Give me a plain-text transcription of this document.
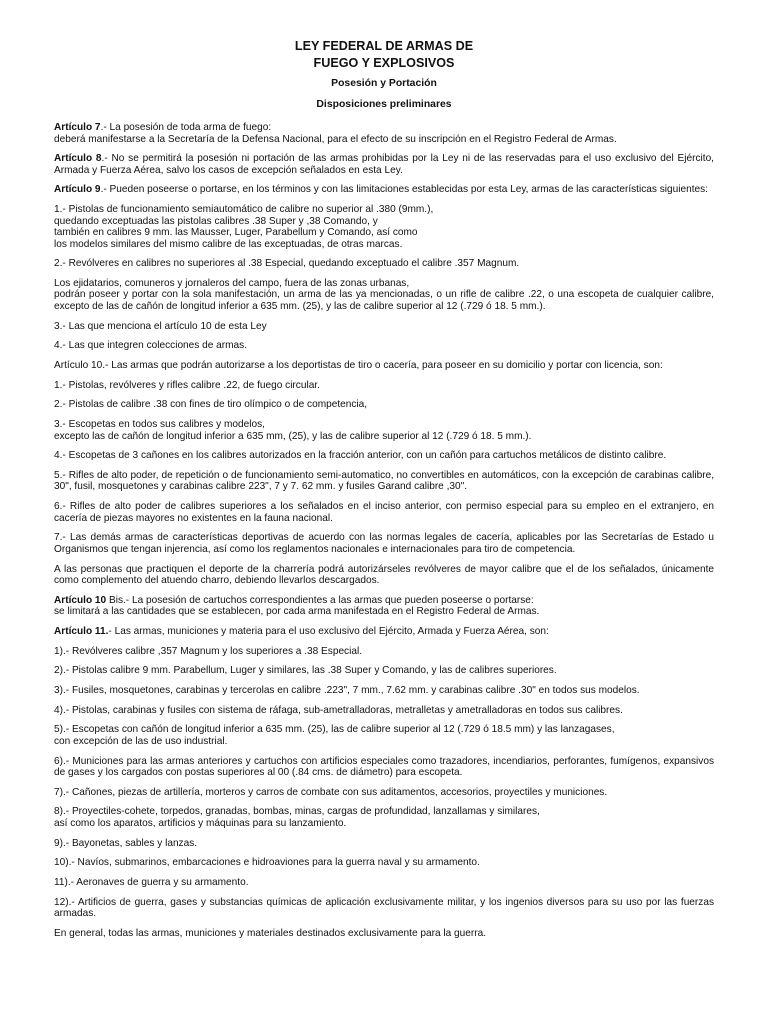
LEY FEDERAL DE ARMAS DE
FUEGO Y EXPLOSIVOS
Posesión y Portación
Disposiciones preliminares
Artículo 7.- La posesión de toda arma de fuego:
deberá manifestarse a la Secretaría de la Defensa Nacional, para el efecto de su inscripción en el Registro Federal de Armas.
Artículo 8.- No se permitirá la posesión ni portación de las armas prohibidas por la Ley ni de las reservadas para el uso exclusivo del Ejército, Armada y Fuerza Aérea, salvo los casos de excepción señalados en esta Ley.
Artículo 9.- Pueden poseerse o portarse, en los términos y con las limitaciones establecidas por esta Ley, armas de las características siguientes:
1.- Pistolas de funcionamiento semiautomático de calibre no superior al .380 (9mm.),
quedando exceptuadas las pistolas calibres .38 Super y ,38 Comando, y
también en calibres 9 mm. las Mausser, Luger, Parabellum y Comando, así como
los modelos similares del mismo calibre de las exceptuadas, de otras marcas.
2.- Revólveres en calibres no superiores al .38 Especial, quedando exceptuado el calibre .357 Magnum.
Los ejidatarios, comuneros y jornaleros del campo, fuera de las zonas urbanas,
podrán poseer y portar con la sola manifestación, un arma de las ya mencionadas, o un rifle de calibre .22, o una escopeta de cualquier calibre, excepto de las de cañón de longitud inferior a 635 mm. (25), y las de calibre superior al 12 (.729 ó 18. 5 mm.).
3.- Las que menciona el artículo 10 de esta Ley
4.- Las que integren colecciones de armas.
Artículo 10.- Las armas que podrán autorizarse a los deportistas de tiro o cacería, para poseer en su domicilio y portar con licencia, son:
1.- Pistolas, revólveres y rifles calibre .22, de fuego circular.
2.- Pistolas de calibre .38 con fines de tiro olímpico o de competencia,
3.- Escopetas en todos sus calibres y modelos,
excepto las de cañón de longitud inferior a 635 mm, (25), y las de calibre superior al 12 (.729 ó 18. 5 mm.).
4.- Escopetas de 3 cañones en los calibres autorizados en la fracción anterior, con un cañón para cartuchos metálicos de distinto calibre.
5.- Rifles de alto poder, de repetición o de funcionamiento semi-automatico, no convertibles en automáticos, con la excepción de carabinas calibre, 30", fusil, mosquetones y carabinas calibre 223", 7 y 7. 62 mm. y fusiles Garand calibre ,30".
6.- Rifles de alto poder de calibres superiores a los señalados en el inciso anterior, con permiso especial para su empleo en el extranjero, en cacería de piezas mayores no existentes en la fauna nacional.
7.- Las demás armas de características deportivas de acuerdo con las normas legales de cacería, aplicables por las Secretarías de Estado u Organismos que tengan injerencia, así como los reglamentos nacionales e internacionales para tiro de competencia.
A las personas que practiquen el deporte de la charrería podrá autorizárseles revólveres de mayor calibre que el de los señalados, únicamente como complemento del atuendo charro, debiendo llevarlos descargados.
Artículo 10 Bis.- La posesión de cartuchos correspondientes a las armas que pueden poseerse o portarse:
se limitará a las cantidades que se establecen, por cada arma manifestada en el Registro Federal de Armas.
Artículo 11.- Las armas, municiones y materia para el uso exclusivo del Ejército, Armada y Fuerza Aérea, son:
1).- Revólveres calibre ,357 Magnum y los superiores a .38 Especial.
2).- Pistolas calibre 9 mm. Parabellum, Luger y similares, las .38 Super y Comando, y las de calibres superiores.
3).- Fusiles, mosquetones, carabinas y tercerolas en calibre .223", 7 mm., 7.62 mm. y carabinas calibre .30" en todos sus modelos.
4).- Pistolas, carabinas y fusiles con sistema de ráfaga, sub-ametralladoras, metralletas y ametralladoras en todos sus calibres.
5).- Escopetas con cañón de longitud inferior a 635 mm. (25), las de calibre superior al 12 (.729 ó 18.5 mm) y las lanzagases,
con excepción de las de uso industrial.
6).- Municiones para las armas anteriores y cartuchos con artificios especiales como trazadores, incendiarios, perforantes, fumígenos, expansivos de gases y los cargados con postas superiores al 00 (.84 cms. de diámetro) para escopeta.
7).- Cañones, piezas de artillería, morteros y carros de combate con sus aditamentos, accesorios, proyectiles y municiones.
8).- Proyectiles-cohete, torpedos, granadas, bombas, minas, cargas de profundidad, lanzallamas y similares,
así como los aparatos, artificios y máquinas para su lanzamiento.
9).- Bayonetas, sables y lanzas.
10).- Navíos, submarinos, embarcaciones e hidroaviones para la guerra naval y su armamento.
11).- Aeronaves de guerra y su armamento.
12).- Artificios de guerra, gases y substancias químicas de aplicación exclusivamente militar, y los ingenios diversos para su uso por las fuerzas armadas.
En general, todas las armas, municiones y materiales destinados exclusivamente para la guerra.
